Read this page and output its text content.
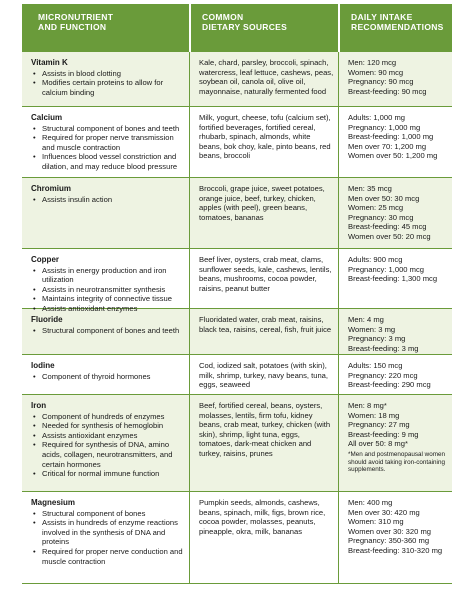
MICRONUTRIENT
AND FUNCTION
COMMON
DIETARY SOURCES
DAILY INTAKE
RECOMMENDATIONS
Vitamin K
• Assists in blood clotting
• Modifies certain proteins to allow for calcium binding
Kale, chard, parsley, broccoli, spinach, watercress, leaf lettuce, cashews, peas, soybean oil, canola oil, olive oil, mayonnaise, naturally fermented food
Men: 120 mcg
Women: 90 mcg
Pregnancy: 90 mcg
Breast-feeding: 90 mcg
Calcium
• Structural component of bones and teeth
• Required for proper nerve transmission and muscle contraction
• Influences blood vessel constriction and dilation, and may reduce blood pressure
Milk, yogurt, cheese, tofu (calcium set), fortified beverages, fortified cereal, rhubarb, spinach, almonds, white beans, bok choy, kale, pinto beans, red beans, broccoli
Adults: 1,000 mg
Pregnancy: 1,000 mg
Breast-feeding: 1,000 mg
Men over 70: 1,200 mg
Women over 50: 1,200 mg
Chromium
• Assists insulin action
Broccoli, grape juice, sweet potatoes, orange juice, beef, turkey, chicken, apples (with peel), green beans, tomatoes, bananas
Men: 35 mcg
Men over 50: 30 mcg
Women: 25 mcg
Pregnancy: 30 mcg
Breast-feeding: 45 mcg
Women over 50: 20 mcg
Copper
• Assists in energy production and iron utilization
• Assists in neurotransmitter synthesis
• Maintains integrity of connective tissue
• Assists antioxidant enzymes
Beef liver, oysters, crab meat, clams, sunflower seeds, kale, cashews, lentils, beans, mushrooms, cocoa powder, raisins, peanut butter
Adults: 900 mcg
Pregnancy: 1,000 mcg
Breast-feeding: 1,300 mcg
Fluoride
• Structural component of bones and teeth
Fluoridated water, crab meat, raisins, black tea, raisins, cereal, fish, fruit juice
Men: 4 mg
Women: 3 mg
Pregnancy: 3 mg
Breast-feeding: 3 mg
Iodine
• Component of thyroid hormones
Cod, iodized salt, potatoes (with skin), milk, shrimp, turkey, navy beans, tuna, eggs, seaweed
Adults: 150 mcg
Pregnancy: 220 mcg
Breast-feeding: 290 mcg
Iron
• Component of hundreds of enzymes
• Needed for synthesis of hemoglobin
• Assists antioxidant enzymes
• Required for synthesis of DNA, amino acids, collagen, neurotransmitters, and certain hormones
• Critical for normal immune function
Beef, fortified cereal, beans, oysters, molasses, lentils, firm tofu, kidney beans, crab meat, turkey, chicken (with skin), shrimp, light tuna, eggs, tomatoes, dark-meat chicken and turkey, raisins, prunes
Men: 8 mg*
Women: 18 mg
Pregnancy: 27 mg
Breast-feeding: 9 mg
All over 50: 8 mg*
*Men and postmenopausal women should avoid taking iron-containing supplements.
Magnesium
• Structural component of bones
• Assists in hundreds of enzyme reactions involved in the synthesis of DNA and proteins
• Required for proper nerve conduction and muscle contraction
Pumpkin seeds, almonds, cashews, beans, spinach, milk, figs, brown rice, cocoa powder, molasses, peanuts, pineapple, okra, milk, bananas
Men: 400 mg
Men over 30: 420 mg
Women: 310 mg
Women over 30: 320 mg
Pregnancy: 350-360 mg
Breast-feeding: 310-320 mg
